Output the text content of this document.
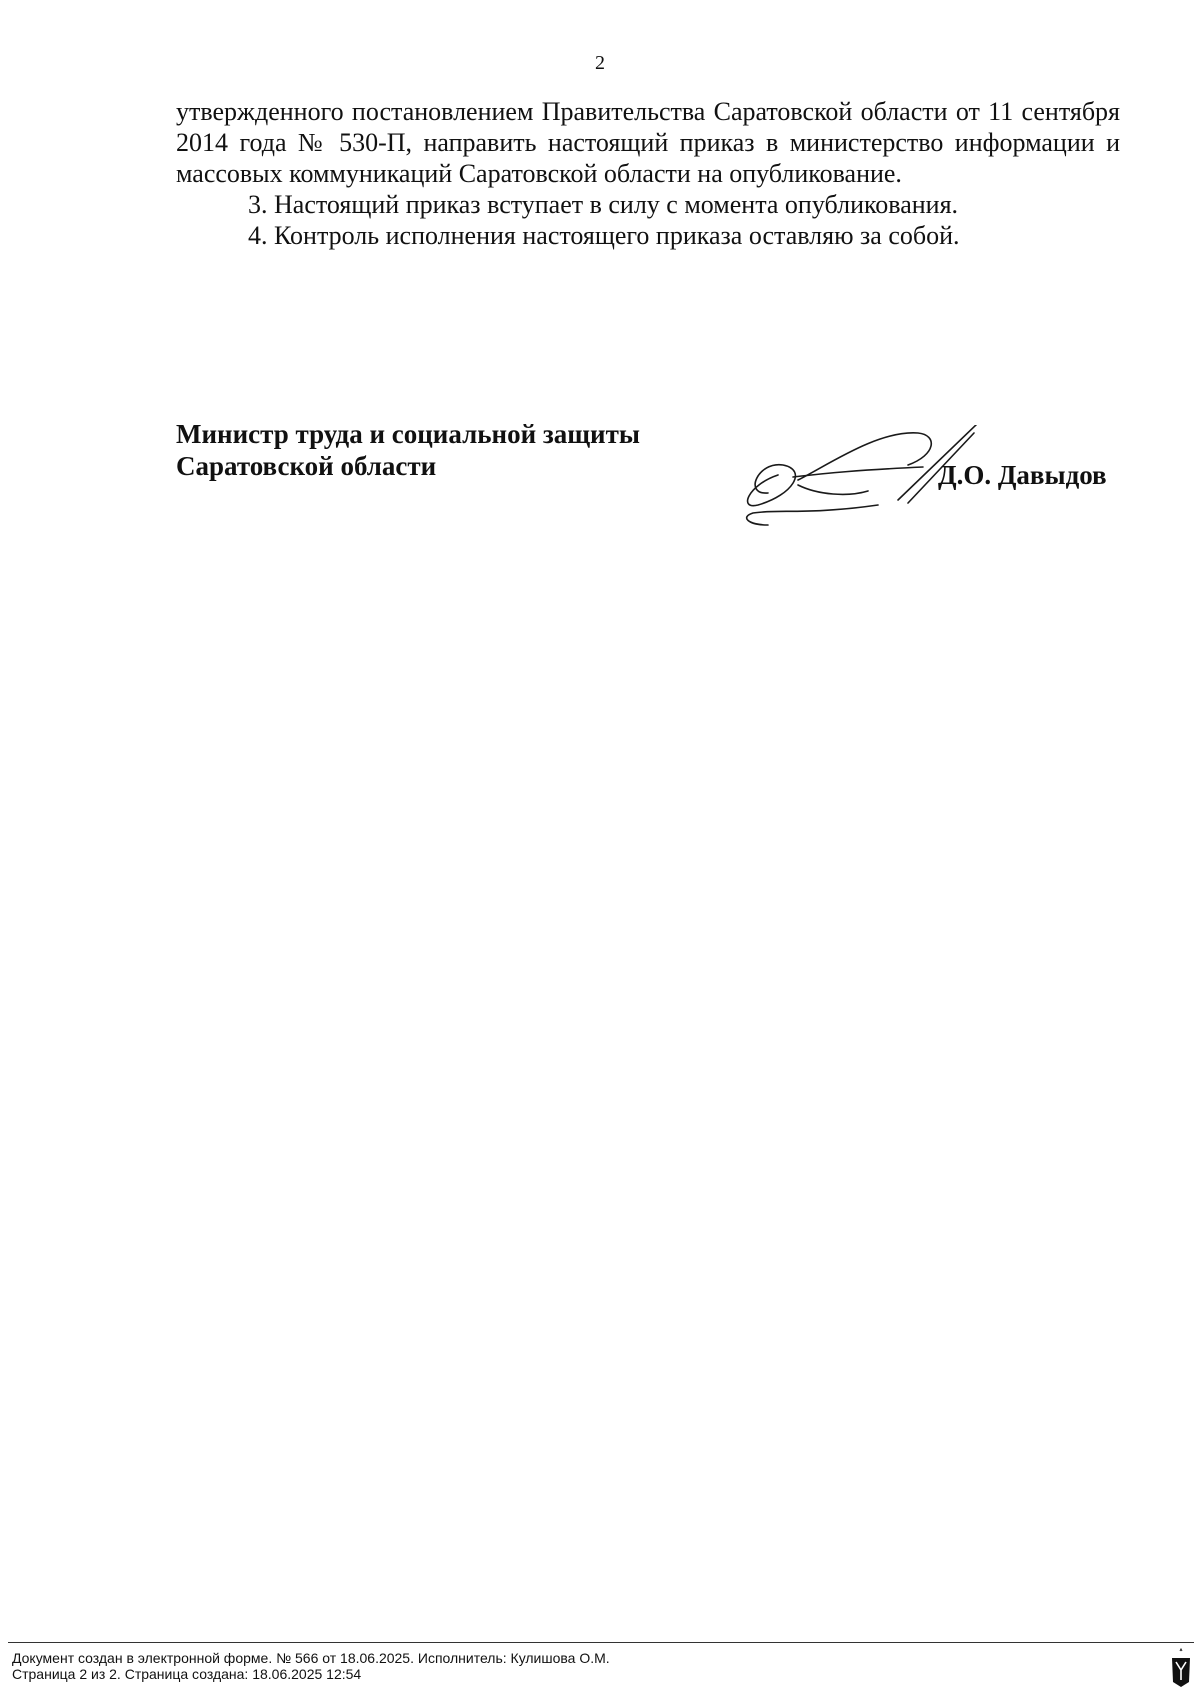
2

утвержденного постановлением Правительства Саратовской области от 11 сентября 2014 года № 530-П, направить настоящий приказ в министерство информации и массовых коммуникаций Саратовской области на опубликование.

3. Настоящий приказ вступает в силу с момента опубликования.

4. Контроль исполнения настоящего приказа оставляю за собой.

Министр труда и социальной защиты
Саратовской области	Д.О. Давыдов
Документ создан в электронной форме. № 566 от 18.06.2025. Исполнитель: Кулишова О.М.
Страница 2 из 2. Страница создана: 18.06.2025 12:54
